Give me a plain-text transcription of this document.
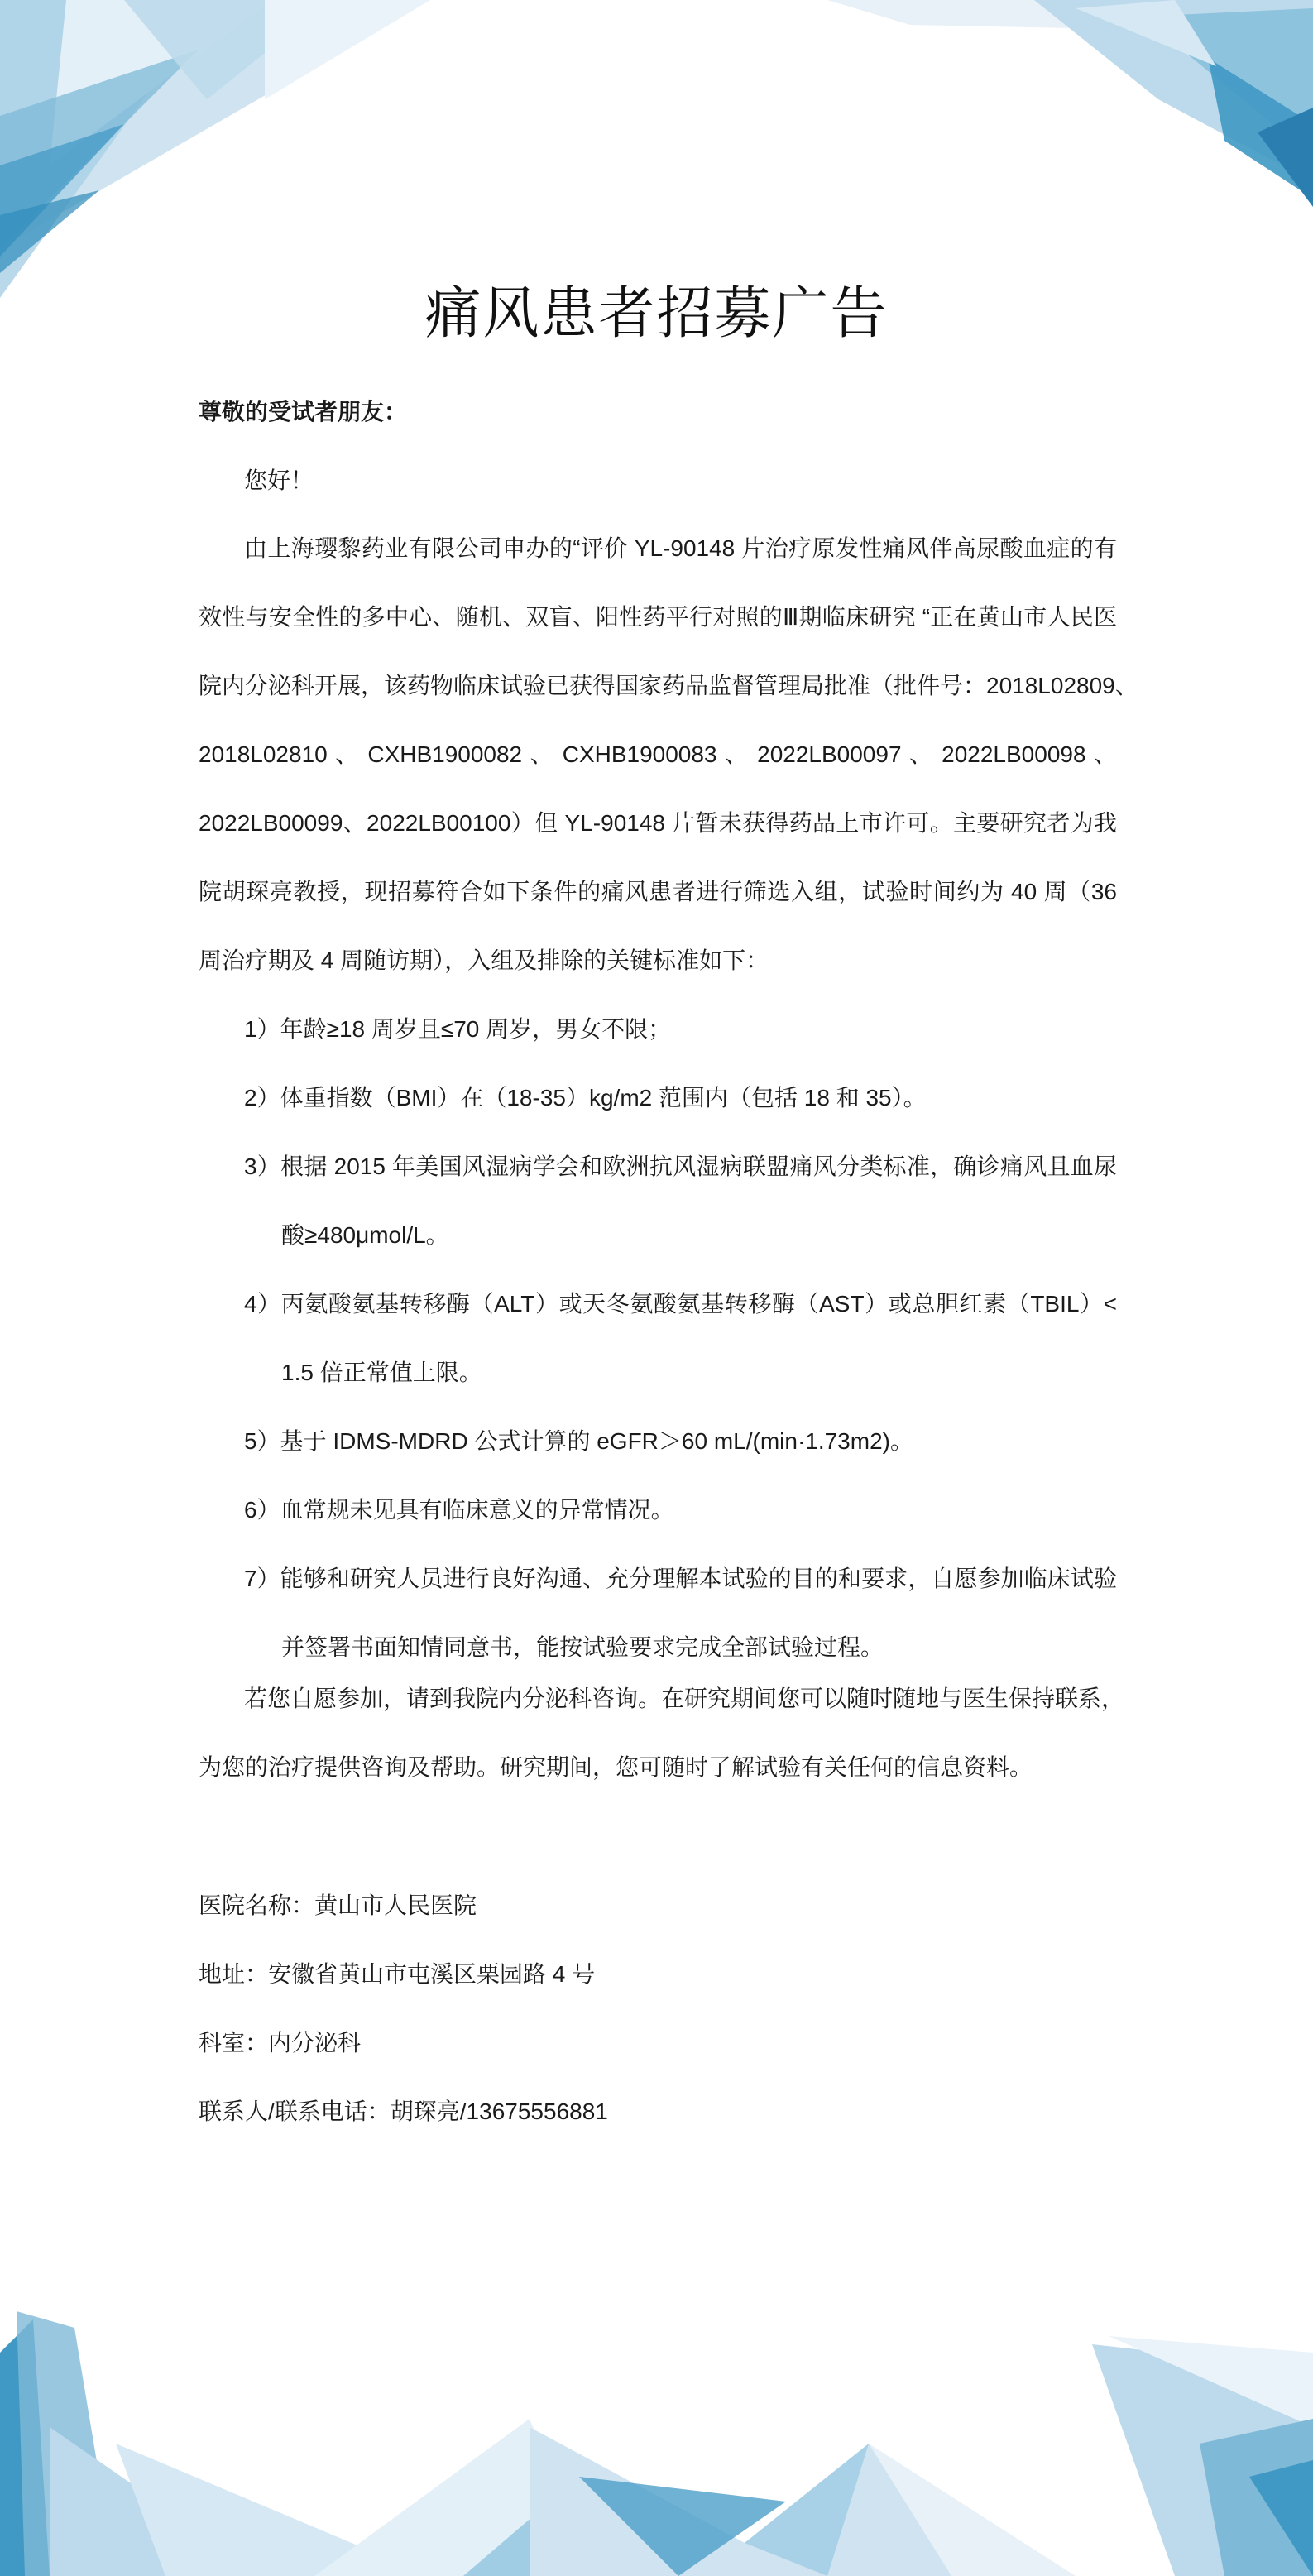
痛风患者招募广告
尊敬的受试者朋友：
您好！
由上海璎黎药业有限公司申办的“评价 YL-90148 片治疗原发性痛风伴高尿酸血症的有
效性与安全性的多中心、随机、双盲、阳性药平行对照的Ⅲ期临床研究 “正在黄山市人民医
院内分泌科开展，该药物临床试验已获得国家药品监督管理局批准（批件号：2018L02809、
2018L02810 、 CXHB1900082 、 CXHB1900083 、 2022LB00097 、 2022LB00098 、
2022LB00099、2022LB00100）但 YL-90148 片暂未获得药品上市许可。主要研究者为我
院胡琛亮教授，现招募符合如下条件的痛风患者进行筛选入组，试验时间约为 40 周（36
周治疗期及 4 周随访期），入组及排除的关键标准如下：
1）年龄≥18 周岁且≤70 周岁，男女不限；
2）体重指数（BMI）在（18-35）kg/m2 范围内（包括 18 和 35）。
3）根据 2015 年美国风湿病学会和欧洲抗风湿病联盟痛风分类标准，确诊痛风且血尿
酸≥480μmol/L。
4）丙氨酸氨基转移酶（ALT）或天冬氨酸氨基转移酶（AST）或总胆红素（TBIL）<
1.5 倍正常值上限。
5）基于 IDMS-MDRD 公式计算的 eGFR＞60 mL/(min·1.73m2)。
6）血常规未见具有临床意义的异常情况。
7）能够和研究人员进行良好沟通、充分理解本试验的目的和要求，自愿参加临床试验
并签署书面知情同意书，能按试验要求完成全部试验过程。
若您自愿参加，请到我院内分泌科咨询。在研究期间您可以随时随地与医生保持联系，
为您的治疗提供咨询及帮助。研究期间，您可随时了解试验有关任何的信息资料。
医院名称：黄山市人民医院
地址：安徽省黄山市屯溪区栗园路 4 号
科室：内分泌科
联系人/联系电话：胡琛亮/13675556881
